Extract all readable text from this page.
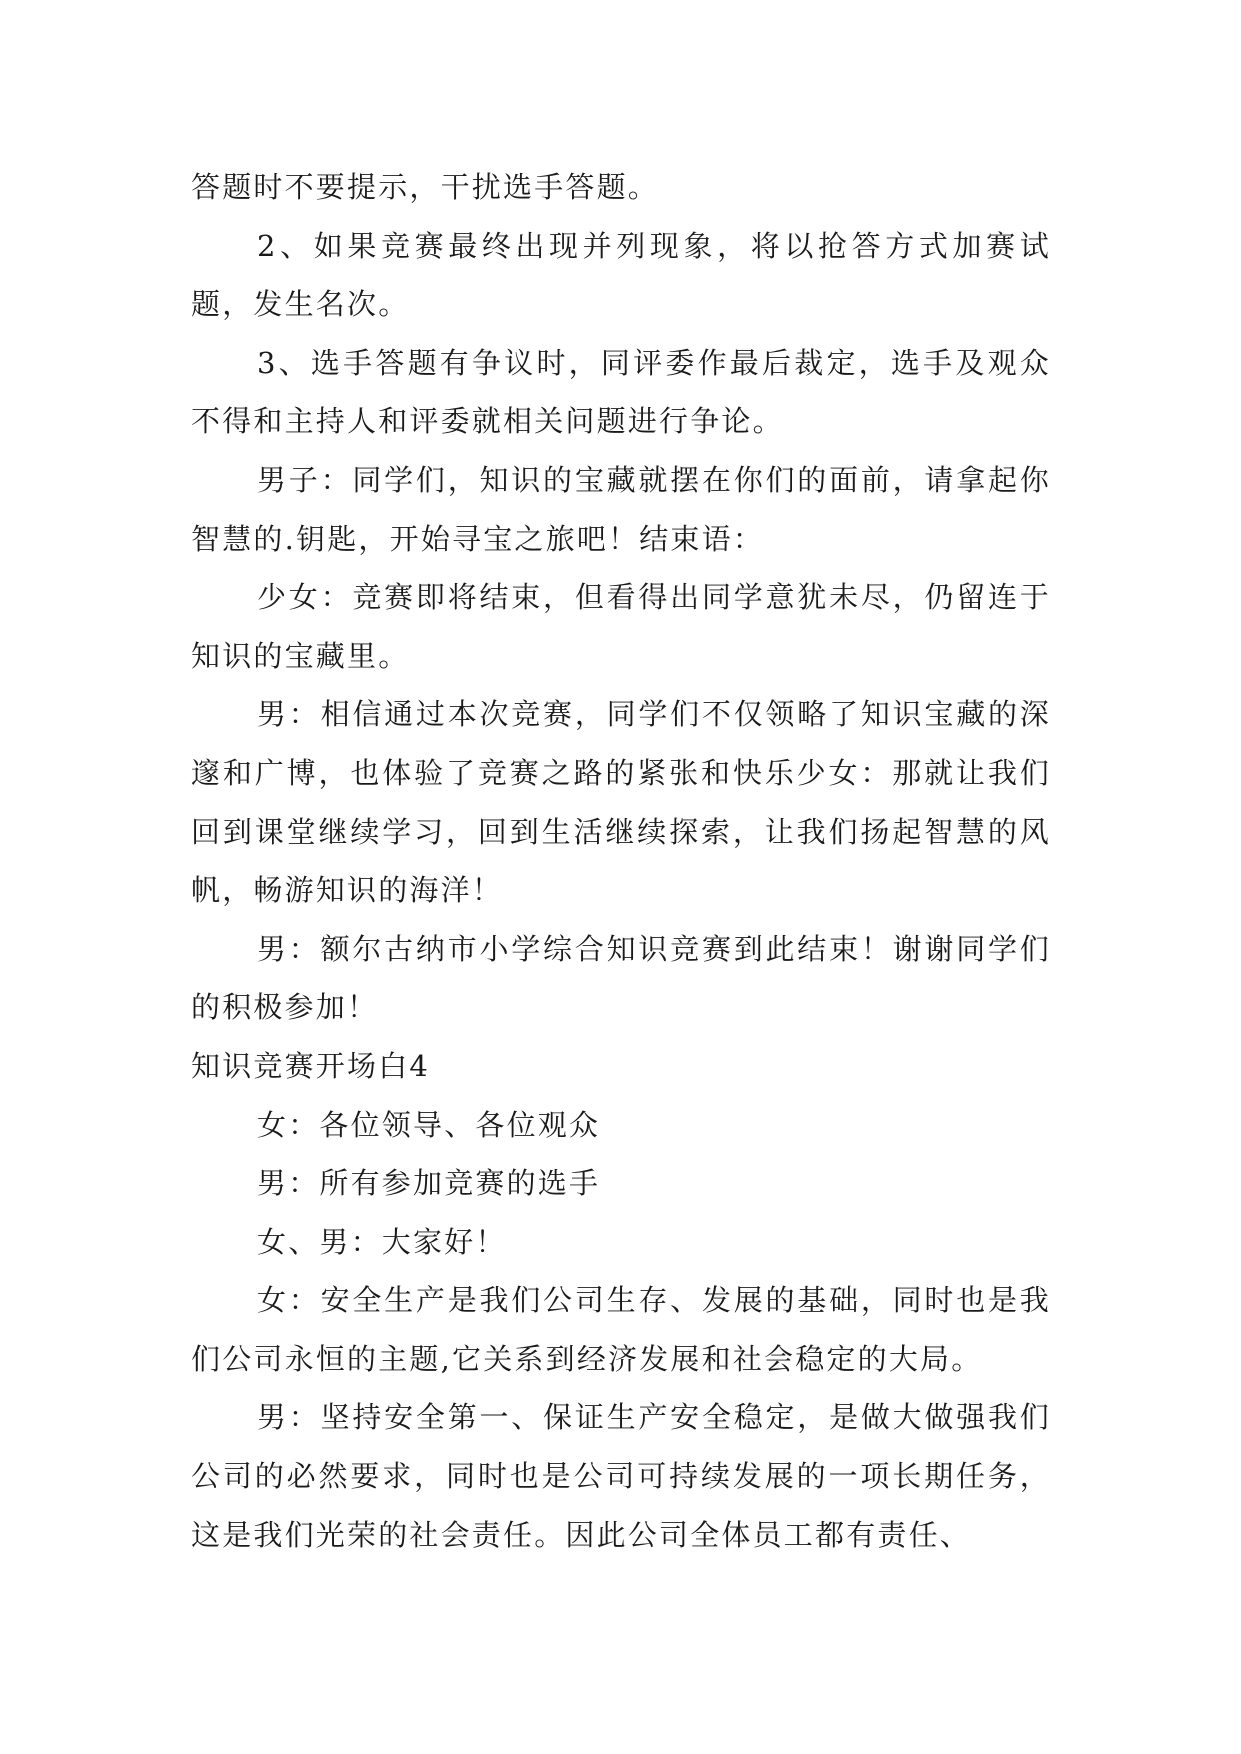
答题时不要提示，干扰选手答题。

2、如果竞赛最终出现并列现象，将以抢答方式加赛试题，发生名次。

3、选手答题有争议时，同评委作最后裁定，选手及观众不得和主持人和评委就相关问题进行争论。

男子：同学们，知识的宝藏就摆在你们的面前，请拿起你智慧的.钥匙，开始寻宝之旅吧！结束语：

少女：竞赛即将结束，但看得出同学意犹未尽，仍留连于知识的宝藏里。

男：相信通过本次竞赛，同学们不仅领略了知识宝藏的深邃和广博，也体验了竞赛之路的紧张和快乐少女：那就让我们回到课堂继续学习，回到生活继续探索，让我们扬起智慧的风帆，畅游知识的海洋！

男：额尔古纳市小学综合知识竞赛到此结束！谢谢同学们的积极参加！

知识竞赛开场白4

女：各位领导、各位观众

男：所有参加竞赛的选手

女、男：大家好！

女：安全生产是我们公司生存、发展的基础，同时也是我们公司永恒的主题,它关系到经济发展和社会稳定的大局。

男：坚持安全第一、保证生产安全稳定，是做大做强我们公司的必然要求，同时也是公司可持续发展的一项长期任务，这是我们光荣的社会责任。因此公司全体员工都有责任、
